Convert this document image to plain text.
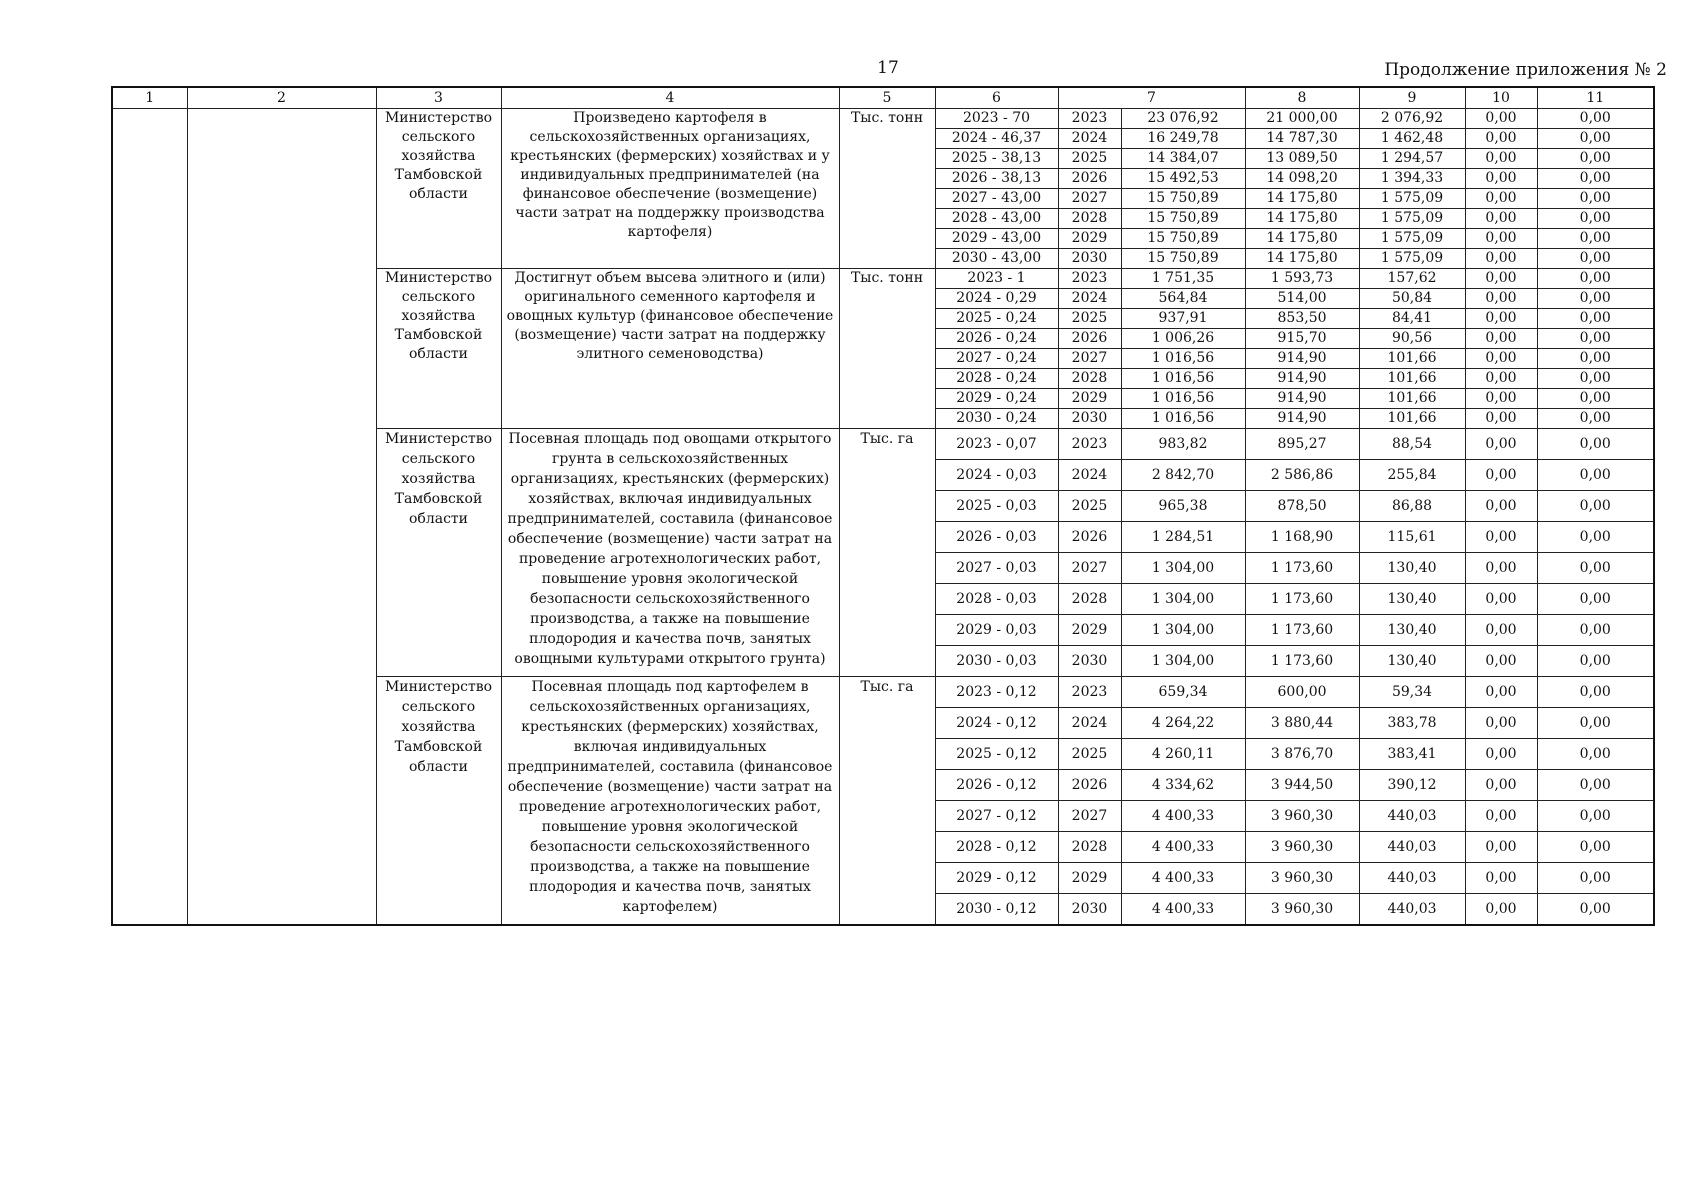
17	Продолжение приложения № 2
1	2	3	4	5	6	7		8	9	10	11
		Министерство сельского хозяйства Тамбовской области	Произведено картофеля в сельскохозяйственных организациях, крестьянских (фермерских) хозяйствах и у индивидуальных предпринимателей (на финансовое обеспечение (возмещение) части затрат на поддержку производства картофеля)	Тыс. тонн	2023 - 70	2023	23 076,92	21 000,00	2 076,92	0,00	0,00
					2024 - 46,37	2024	16 249,78	14 787,30	1 462,48	0,00	0,00
					2025 - 38,13	2025	14 384,07	13 089,50	1 294,57	0,00	0,00
					2026 - 38,13	2026	15 492,53	14 098,20	1 394,33	0,00	0,00
					2027 - 43,00	2027	15 750,89	14 175,80	1 575,09	0,00	0,00
					2028 - 43,00	2028	15 750,89	14 175,80	1 575,09	0,00	0,00
					2029 - 43,00	2029	15 750,89	14 175,80	1 575,09	0,00	0,00
					2030 - 43,00	2030	15 750,89	14 175,80	1 575,09	0,00	0,00
		Министерство сельского хозяйства Тамбовской области	Достигнут объем высева элитного и (или) оригинального семенного картофеля и овощных культур (финансовое обеспечение (возмещение) части затрат на поддержку элитного семеноводства)	Тыс. тонн	2023 - 1	2023	1 751,35	1 593,73	157,62	0,00	0,00
					2024 - 0,29	2024	564,84	514,00	50,84	0,00	0,00
					2025 - 0,24	2025	937,91	853,50	84,41	0,00	0,00
					2026 - 0,24	2026	1 006,26	915,70	90,56	0,00	0,00
					2027 - 0,24	2027	1 016,56	914,90	101,66	0,00	0,00
					2028 - 0,24	2028	1 016,56	914,90	101,66	0,00	0,00
					2029 - 0,24	2029	1 016,56	914,90	101,66	0,00	0,00
					2030 - 0,24	2030	1 016,56	914,90	101,66	0,00	0,00
		Министерство сельского хозяйства Тамбовской области	Посевная площадь под овощами открытого грунта в сельскохозяйственных организациях, крестьянских (фермерских) хозяйствах, включая индивидуальных предпринимателей, составила (финансовое обеспечение (возмещение) части затрат на проведение агротехнологических работ, повышение уровня экологической безопасности сельскохозяйственного производства, а также на повышение плодородия и качества почв, занятых овощными культурами открытого грунта)	Тыс. га	2023 - 0,07	2023	983,82	895,27	88,54	0,00	0,00
					2024 - 0,03	2024	2 842,70	2 586,86	255,84	0,00	0,00
					2025 - 0,03	2025	965,38	878,50	86,88	0,00	0,00
					2026 - 0,03	2026	1 284,51	1 168,90	115,61	0,00	0,00
					2027 - 0,03	2027	1 304,00	1 173,60	130,40	0,00	0,00
					2028 - 0,03	2028	1 304,00	1 173,60	130,40	0,00	0,00
					2029 - 0,03	2029	1 304,00	1 173,60	130,40	0,00	0,00
					2030 - 0,03	2030	1 304,00	1 173,60	130,40	0,00	0,00
		Министерство сельского хозяйства Тамбовской области	Посевная площадь под картофелем в сельскохозяйственных организациях, крестьянских (фермерских) хозяйствах, включая индивидуальных предпринимателей, составила (финансовое обеспечение (возмещение) части затрат на проведение агротехнологических работ, повышение уровня экологической безопасности сельскохозяйственного производства, а также на повышение плодородия и качества почв, занятых картофелем)	Тыс. га	2023 - 0,12	2023	659,34	600,00	59,34	0,00	0,00
					2024 - 0,12	2024	4 264,22	3 880,44	383,78	0,00	0,00
					2025 - 0,12	2025	4 260,11	3 876,70	383,41	0,00	0,00
					2026 - 0,12	2026	4 334,62	3 944,50	390,12	0,00	0,00
					2027 - 0,12	2027	4 400,33	3 960,30	440,03	0,00	0,00
					2028 - 0,12	2028	4 400,33	3 960,30	440,03	0,00	0,00
					2029 - 0,12	2029	4 400,33	3 960,30	440,03	0,00	0,00
					2030 - 0,12	2030	4 400,33	3 960,30	440,03	0,00	0,00
